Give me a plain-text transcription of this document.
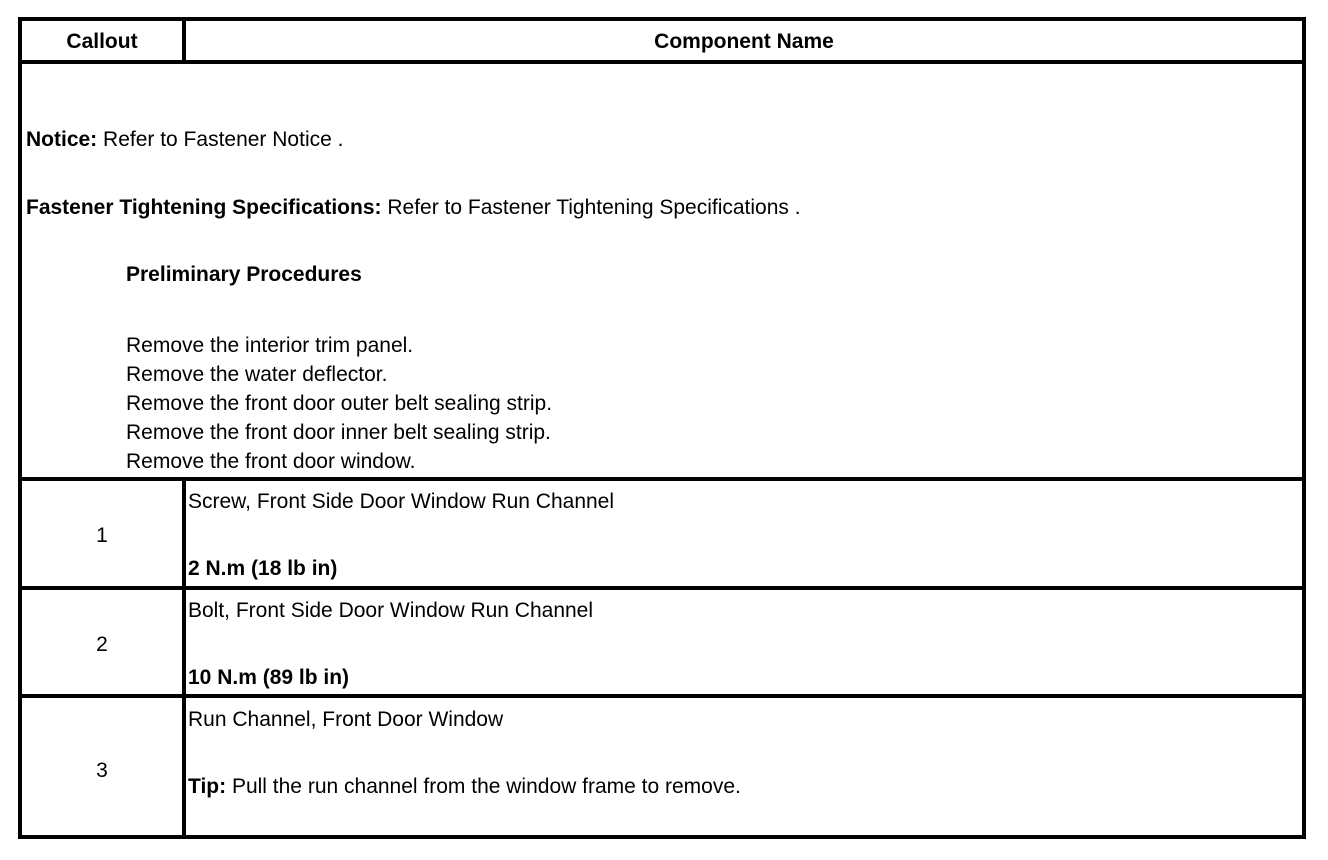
Callout	Component Name
Notice: Refer to Fastener Notice .
Fastener Tightening Specifications: Refer to Fastener Tightening Specifications .
Preliminary Procedures
Remove the interior trim panel.
Remove the water deflector.
Remove the front door outer belt sealing strip.
Remove the front door inner belt sealing strip.
Remove the front door window.
1
Screw, Front Side Door Window Run Channel
2 N.m (18 lb in)
2
Bolt, Front Side Door Window Run Channel
10 N.m (89 lb in)
3
Run Channel, Front Door Window
Tip: Pull the run channel from the window frame to remove.
